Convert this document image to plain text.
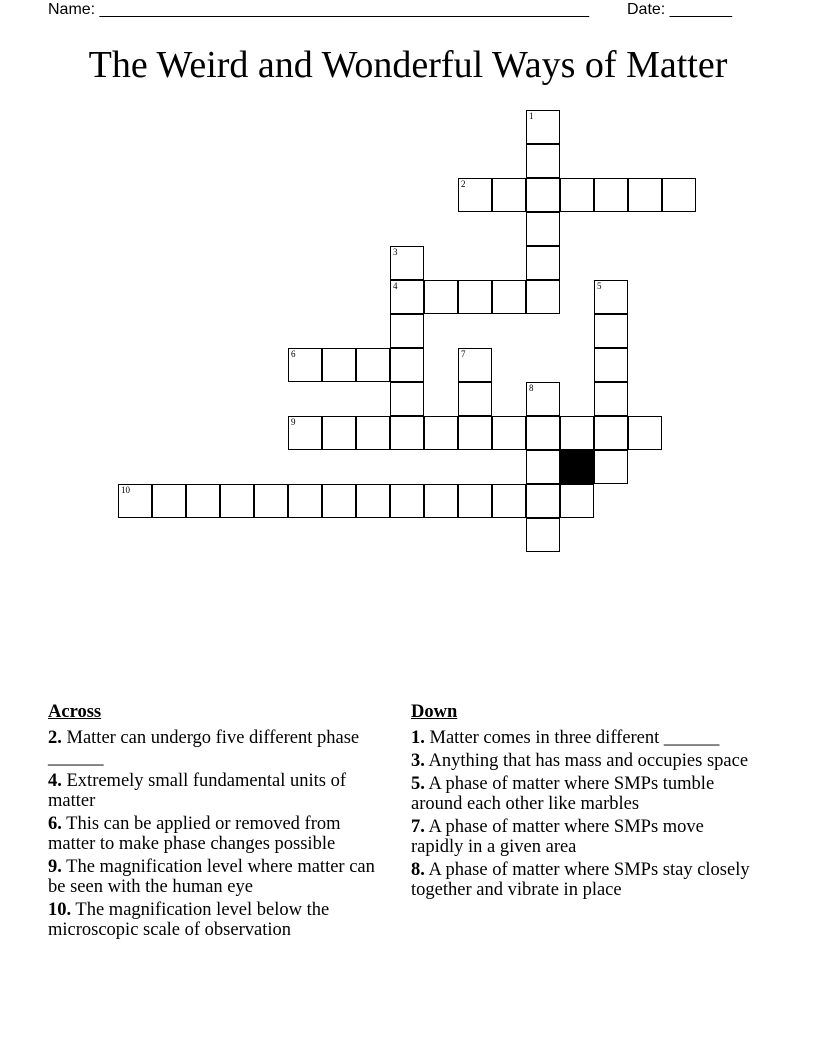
Name: _______________________________________________________ Date: _______
The Weird and Wonderful Ways of Matter
1
2
3
4	5
6	7
8
9
10
Across
2. Matter can undergo five different phase ______
4. Extremely small fundamental units of matter
6. This can be applied or removed from matter to make phase changes possible
9. The magnification level where matter can be seen with the human eye
10. The magnification level below the microscopic scale of observation
Down
1. Matter comes in three different ______
3. Anything that has mass and occupies space
5. A phase of matter where SMPs tumble around each other like marbles
7. A phase of matter where SMPs move rapidly in a given area
8. A phase of matter where SMPs stay closely together and vibrate in place
